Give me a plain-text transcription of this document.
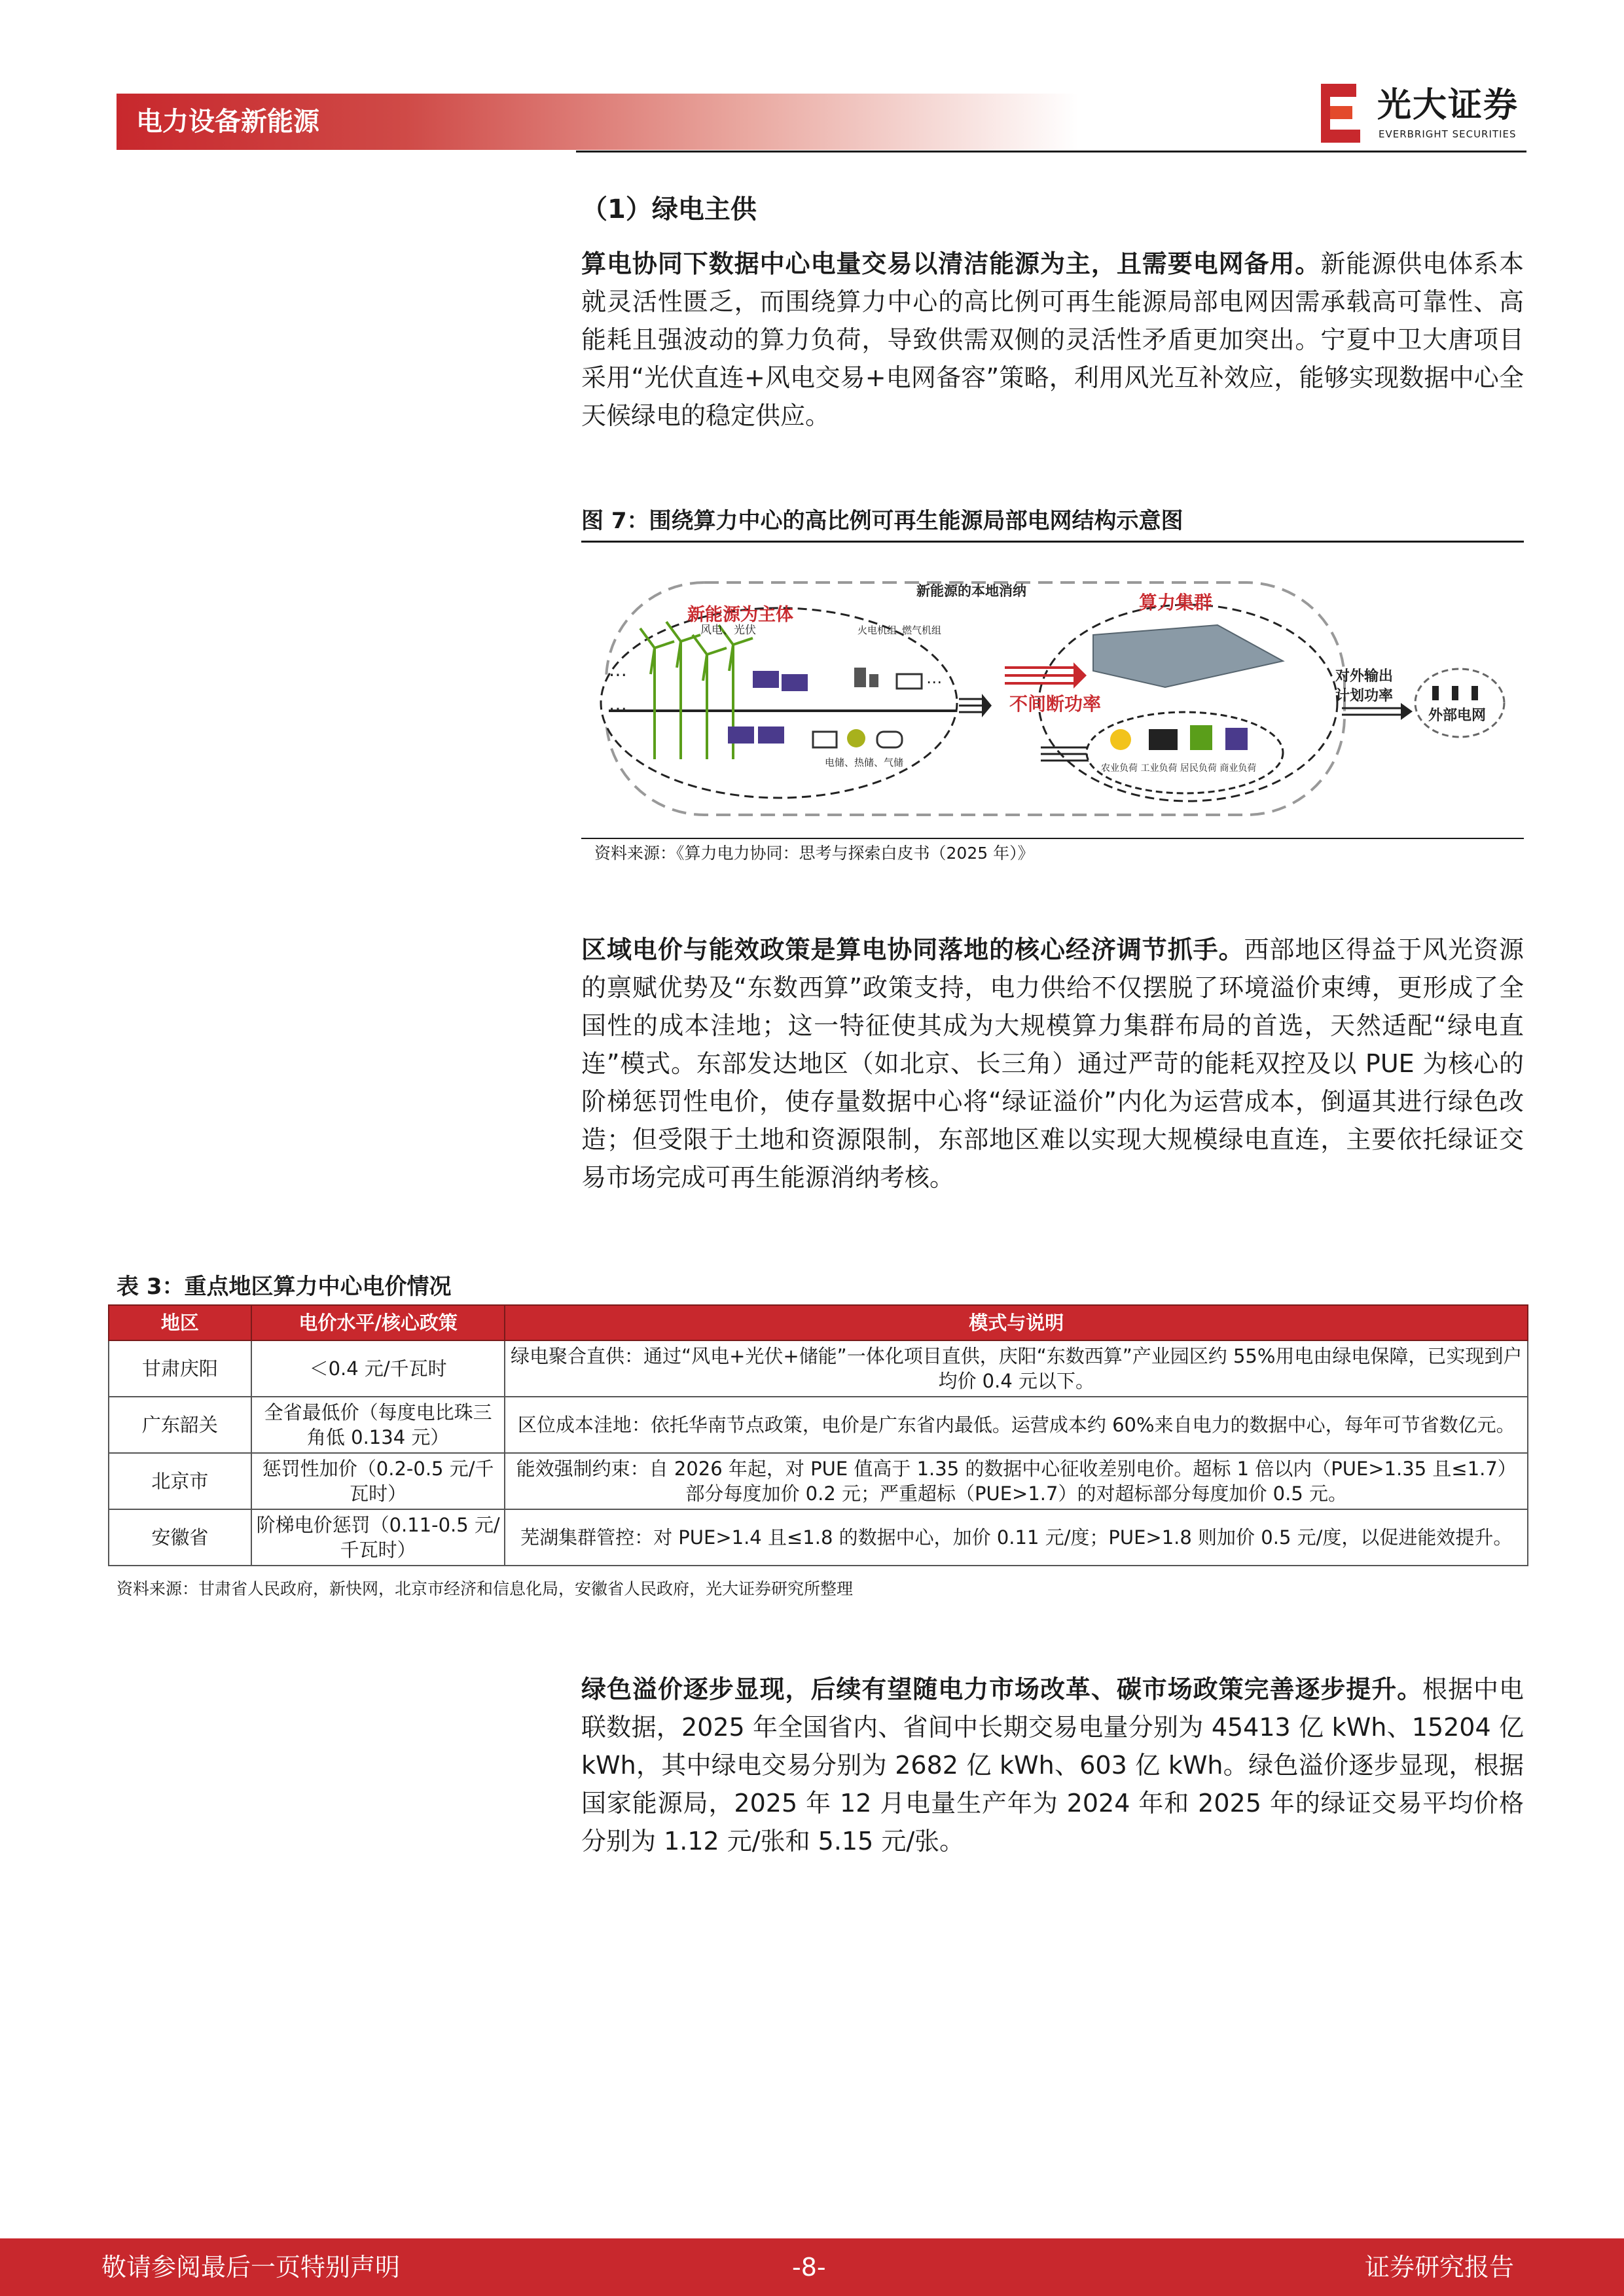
电力设备新能源	光大证券
EVERBRIGHT SECURITIES
（1）绿电主供
算电协同下数据中心电量交易以清洁能源为主，且需要电网备用。新能源供电体系本就灵活性匮乏，而围绕算力中心的高比例可再生能源局部电网因需承载高可靠性、高能耗且强波动的算力负荷，导致供需双侧的灵活性矛盾更加突出。宁夏中卫大唐项目采用“光伏直连+风电交易+电网备容”策略，利用风光互补效应，能够实现数据中心全天候绿电的稳定供应。
图 7：围绕算力中心的高比例可再生能源局部电网结构示意图
⋯
⋯
风电、光伏
新能源为主体
火电机组 燃气机组
⋯
电储、热储、气储
新能源的本地消纳
算力集群
不间断功率
农业负荷 工业负荷 居民负荷 商业负荷
对外输出
计划功率
外部电网
资料来源：《算力电力协同：思考与探索白皮书（2025 年）》
区域电价与能效政策是算电协同落地的核心经济调节抓手。西部地区得益于风光资源的禀赋优势及“东数西算”政策支持，电力供给不仅摆脱了环境溢价束缚，更形成了全国性的成本洼地；这一特征使其成为大规模算力集群布局的首选，天然适配“绿电直连”模式。东部发达地区（如北京、长三角）通过严苛的能耗双控及以 PUE 为核心的阶梯惩罚性电价，使存量数据中心将“绿证溢价”内化为运营成本，倒逼其进行绿色改造；但受限于土地和资源限制，东部地区难以实现大规模绿电直连，主要依托绿证交易市场完成可再生能源消纳考核。
表 3：重点地区算力中心电价情况
地区	电价水平/核心政策	模式与说明
甘肃庆阳	＜0.4 元/千瓦时	绿电聚合直供：通过“风电+光伏+储能”一体化项目直供，庆阳“东数西算”产业园区约 55%用电由绿电保障，已实现到户均价 0.4 元以下。
广东韶关	全省最低价（每度电比珠三角低 0.134 元）	区位成本洼地：依托华南节点政策，电价是广东省内最低。运营成本约 60%来自电力的数据中心，每年可节省数亿元。
北京市	惩罚性加价（0.2-0.5 元/千瓦时）	能效强制约束：自 2026 年起，对 PUE 值高于 1.35 的数据中心征收差别电价。超标 1 倍以内（PUE>1.35 且≤1.7）部分每度加价 0.2 元；严重超标（PUE>1.7）的对超标部分每度加价 0.5 元。
安徽省	阶梯电价惩罚（0.11-0.5 元/千瓦时）	芜湖集群管控：对 PUE>1.4 且≤1.8 的数据中心，加价 0.11 元/度；PUE>1.8 则加价 0.5 元/度，以促进能效提升。
资料来源：甘肃省人民政府，新快网，北京市经济和信息化局，安徽省人民政府，光大证券研究所整理
绿色溢价逐步显现，后续有望随电力市场改革、碳市场政策完善逐步提升。根据中电联数据，2025 年全国省内、省间中长期交易电量分别为 45413 亿 kWh、15204 亿 kWh，其中绿电交易分别为 2682 亿 kWh、603 亿 kWh。绿色溢价逐步显现，根据国家能源局，2025 年 12 月电量生产年为 2024 年和 2025 年的绿证交易平均价格分别为 1.12 元/张和 5.15 元/张。
敬请参阅最后一页特别声明	-8-	证券研究报告
